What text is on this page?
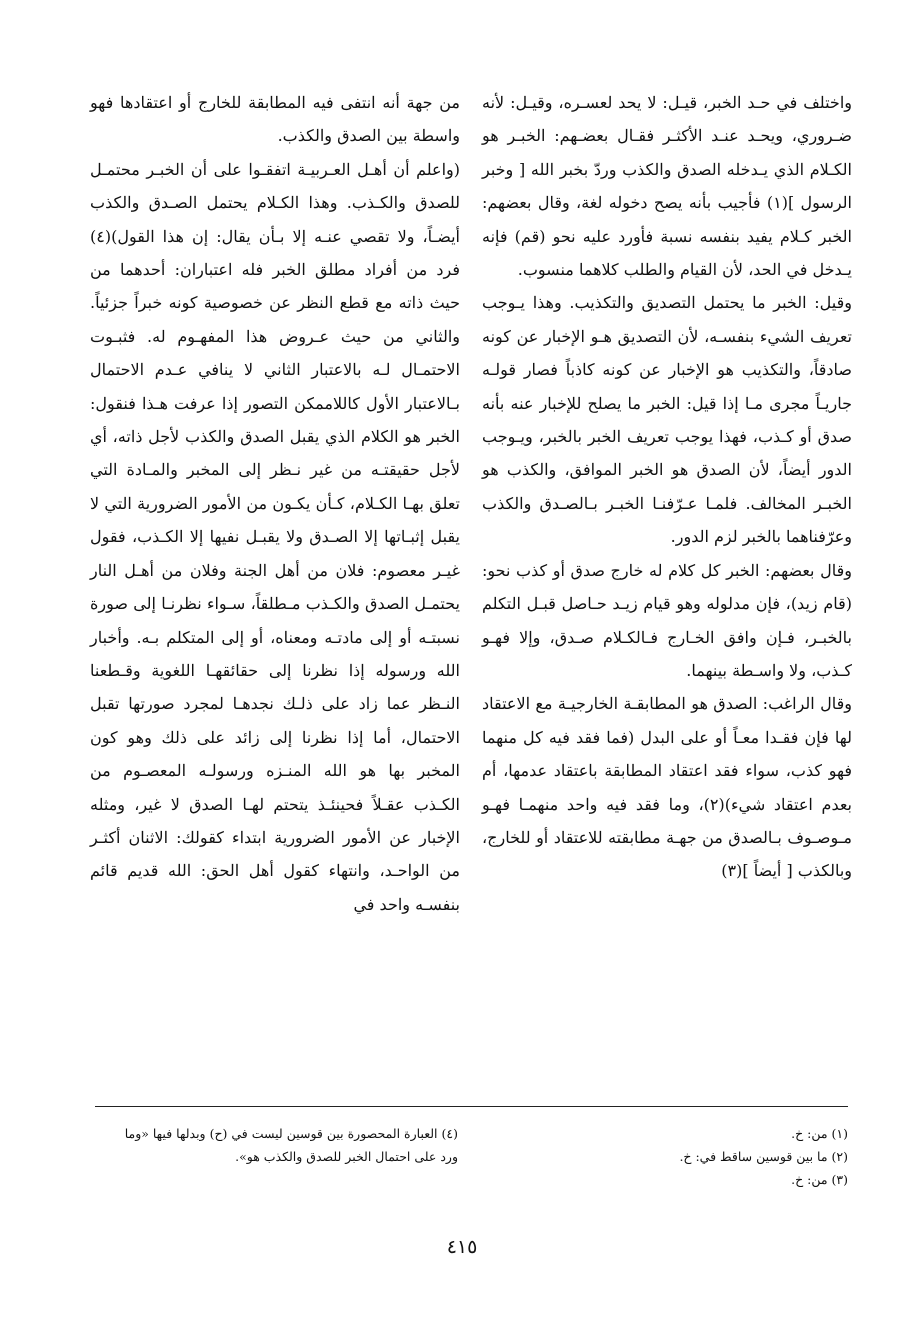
واختلف في حـد الخبر، قيـل: لا يحد لعسـره، وقيـل: لأنه ضـروري، ويحـد عنـد الأكثـر فقـال بعضـهم: الخبـر هو الكـلام الذي يـدخله الصدق والكذب وردّ بخبر الله [ وخبر الرسول ](١) فأجيب بأنه يصح دخوله لغة، وقال بعضهم: الخبر كـلام يفيد بنفسه نسبة فأورد عليه نحو (قم) فإنه يـدخل في الحد، لأن القيام والطلب كلاهما منسوب.

وقيل: الخبر ما يحتمل التصديق والتكذيب. وهذا يـوجب تعريف الشيء بنفسـه، لأن التصديق هـو الإخبار عن كونه صادقاً، والتكذيب هو الإخبار عن كونه كاذباً فصار قولـه جاريـاً مجرى مـا إذا قيل: الخبر ما يصلح للإخبار عنه بأنه صدق أو كـذب، فهذا يوجب تعريف الخبر بالخبر، ويـوجب الدور أيضاً، لأن الصدق هو الخبر الموافق، والكذب هو الخبـر المخالف. فلمـا عـرّفنـا الخبـر بـالصـدق والكذب وعرّفناهما بالخبر لزم الدور.

وقال بعضهم: الخبر كل كلام له خارج صدق أو كذب نحو: (قام زيد)، فإن مدلوله وهو قيام زيـد حـاصل قبـل التكلم بالخبـر، فـإن وافق الخـارج فـالكـلام صـدق، وإلا فهـو كـذب، ولا واسـطة بينهما.

وقال الراغب: الصدق هو المطابقـة الخارجيـة مع الاعتقاد لها فإن فقـدا معـاً أو على البدل (فما فقد فيه كل منهما فهو كذب، سواء فقد اعتقاد المطابقة باعتقاد عدمها، أم بعدم اعتقاد شيء)(٢)، وما فقد فيه واحد منهمـا فهـو مـوصـوف بـالصدق من جهـة مطابقته للاعتقاد أو للخارج، وبالكذب [ أيضاً ](٣)

من جهة أنه انتفى فيه المطابقة للخارج أو اعتقادها فهو واسطة بين الصدق والكذب.

(واعلم أن أهـل العـربيـة اتفقـوا على أن الخبـر محتمـل للصدق والكـذب. وهذا الكـلام يحتمل الصـدق والكذب أيضـاً، ولا تقصي عنـه إلا بـأن يقال: إن هذا القول)(٤) فرد من أفراد مطلق الخبر فله اعتباران: أحدهما من حيث ذاته مع قطع النظر عن خصوصية كونه خبراً جزئياً. والثاني من حيث عـروض هذا المفهـوم له. فثبـوت الاحتمـال لـه بالاعتبار الثاني لا ينافي عـدم الاحتمال بـالاعتبار الأول كاللاممكن التصور إذا عرفت هـذا فنقول: الخبر هو الكلام الذي يقبل الصدق والكذب لأجل ذاته، أي لأجل حقيقتـه من غير نـظر إلى المخبر والمـادة التي تعلق بهـا الكـلام، كـأن يكـون من الأمور الضرورية التي لا يقبل إثبـاتها إلا الصـدق ولا يقبـل نفيها إلا الكـذب، فقول غيـر معصوم: فلان من أهل الجنة وفلان من أهـل النار يحتمـل الصدق والكـذب مـطلقاً، سـواء نظرنـا إلى صورة نسبتـه أو إلى مادتـه ومعناه، أو إلى المتكلم بـه. وأخبار الله ورسوله إذا نظرنا إلى حقائقهـا اللغوية وقـطعنا النـظر عما زاد على ذلـك نجدهـا لمجرد صورتها تقبل الاحتمال، أما إذا نظرنا إلى زائد على ذلك وهو كون المخبر بها هو الله المنـزه ورسولـه المعصـوم من الكـذب عقـلاً فحينئـذ يتحتم لهـا الصدق لا غير، ومثله الإخبار عن الأمور الضرورية ابتداء كقولك: الاثنان أكثـر من الواحـد، وانتهاء كقول أهل الحق: الله قديم قائم بنفسـه واحد في

(١) من: خ.

(٢) ما بين قوسين ساقط في: خ.

(٣) من: خ.

(٤) العبارة المحصورة بين قوسين ليست في (ح) وبدلها فيها «وما ورد على احتمال الخبر للصدق والكذب هو».

٤١٥
